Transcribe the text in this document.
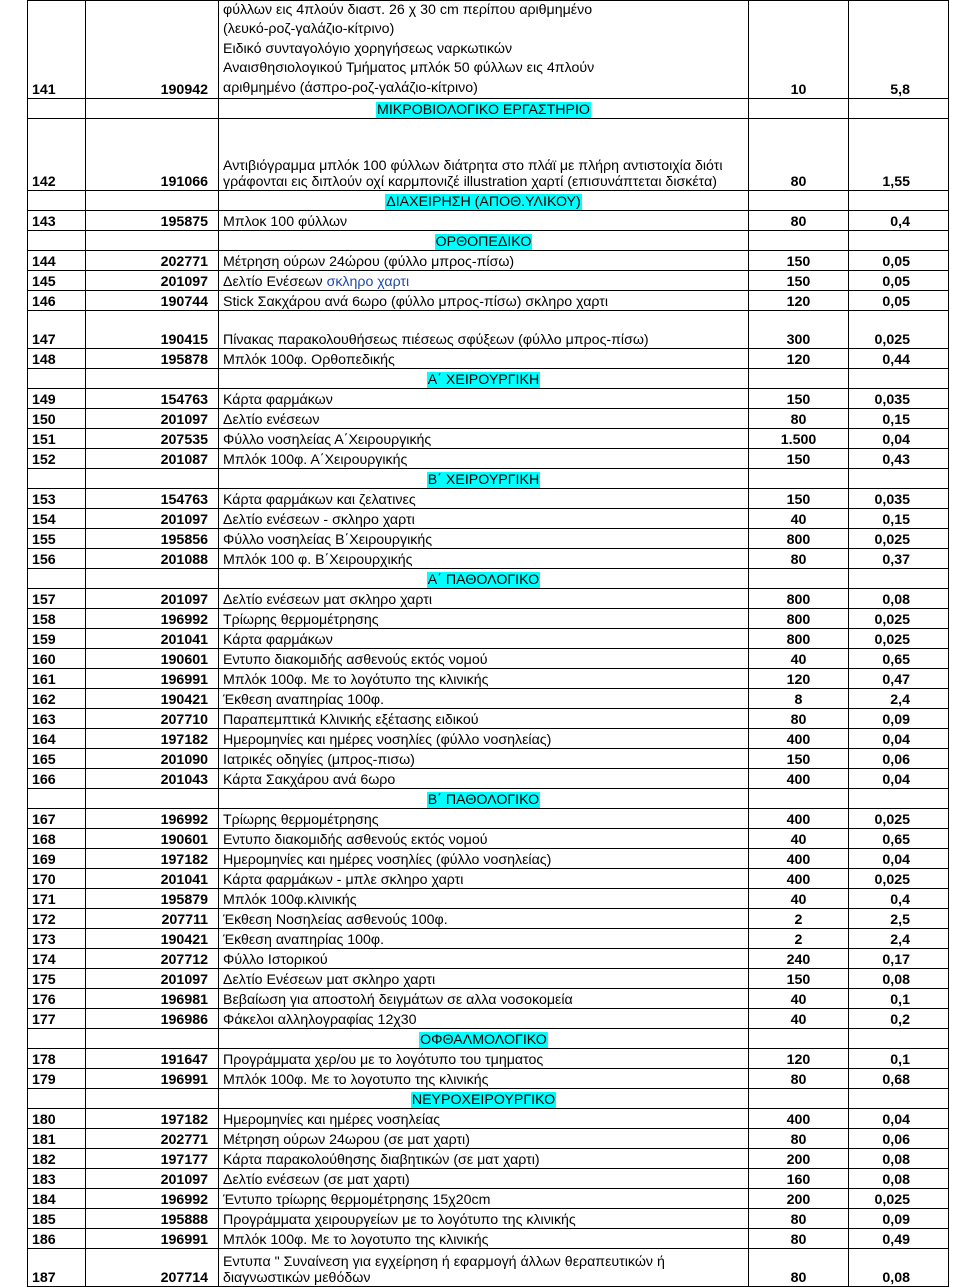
141	190942	φύλλων εις 4πλούν διαστ. 26 χ 30 cm περίπου αριθμημένο
(λευκό-ροζ-γαλάζιο-κίτρινο)
Ειδικό συνταγολόγιο χορηγήσεως ναρκωτικών
Αναισθησιολογικού Τμήματος μπλόκ 50 φύλλων εις 4πλούν
αριθμημένο (άσπρο-ροζ-γαλάζιο-κίτρινο)	10	5,8
		ΜΙΚΡΟΒΙΟΛΟΓΙΚΟ ΕΡΓΑΣΤΗΡΙΟ		
142	191066	Αντιβιόγραμμα μπλόκ 100 φύλλων διάτρητα στο πλάϊ με πλήρη αντιστοιχία διότι γράφονται εις διπλούν οχί καρμπονιζέ illustration χαρτί (επισυνάπτεται δισκέτα)	80	1,55
		ΔΙΑΧΕΙΡΗΣΗ (ΑΠΟΘ.ΥΛΙΚΟΥ)		
143	195875	Μπλοκ 100 φύλλων	80	0,4
		ΟΡΘΟΠΕΔΙΚΟ		
144	202771	Μέτρηση ούρων 24ώρου (φύλλο μπρος-πίσω)	150	0,05
145	201097	Δελτίο Ενέσεων σκληρο χαρτι	150	0,05
146	190744	Stick Σακχάρου ανά 6ωρο (φύλλο μπρος-πίσω) σκληρο χαρτι	120	0,05
147	190415	Πίνακας παρακολουθήσεως πιέσεως σφύξεων (φύλλο μπρος-πίσω)	300	0,025
148	195878	Μπλόκ 100φ. Ορθοπεδικής	120	0,44
		Α΄ ΧΕΙΡΟΥΡΓΙΚΗ		
149	154763	Κάρτα φαρμάκων	150	0,035
150	201097	Δελτίο ενέσεων	80	0,15
151	207535	Φύλλο νοσηλείας Α΄Χειρουργικής	1.500	0,04
152	201087	Μπλόκ 100φ. Α΄Χειρουργικής	150	0,43
		Β΄ ΧΕΙΡΟΥΡΓΙΚΗ		
153	154763	Κάρτα φαρμάκων και ζελατινες	150	0,035
154	201097	Δελτίο ενέσεων - σκληρο χαρτι	40	0,15
155	195856	Φύλλο νοσηλείας Β΄Χειρουργικής	800	0,025
156	201088	Μπλόκ 100 φ. Β΄Χειρουρχικής	80	0,37
		Α΄ ΠΑΘΟΛΟΓΙΚΟ		
157	201097	Δελτίο ενέσεων ματ σκληρο χαρτι	800	0,08
158	196992	Τρίωρης θερμομέτρησης	800	0,025
159	201041	Κάρτα φαρμάκων	800	0,025
160	190601	Εντυπο διακομιδής ασθενούς εκτός νομού	40	0,65
161	196991	Μπλόκ 100φ. Με το λογότυπο της κλινικής	120	0,47
162	190421	Έκθεση αναπηρίας 100φ.	8	2,4
163	207710	Παραπεμπτικά Κλινικής εξέτασης ειδικού	80	0,09
164	197182	Ημερομηνίες και ημέρες νοσηλίες (φύλλο νοσηλείας)	400	0,04
165	201090	Ιατρικές οδηγίες (μπρος-πισω)	150	0,06
166	201043	Κάρτα Σακχάρου ανά 6ωρο	400	0,04
		Β΄ ΠΑΘΟΛΟΓΙΚΟ		
167	196992	Τρίωρης θερμομέτρησης	400	0,025
168	190601	Εντυπο διακομιδής ασθενούς εκτός νομού	40	0,65
169	197182	Ημερομηνίες και ημέρες νοσηλίες (φύλλο νοσηλείας)	400	0,04
170	201041	Κάρτα φαρμάκων - μπλε σκληρο χαρτι	400	0,025
171	195879	Μπλόκ 100φ.κλινικής	40	0,4
172	207711	Έκθεση Νοσηλείας ασθενούς 100φ.	2	2,5
173	190421	Έκθεση αναπηρίας 100φ.	2	2,4
174	207712	Φύλλο Ιστορικού	240	0,17
175	201097	Δελτίο Ενέσεων ματ σκληρο χαρτι	150	0,08
176	196981	Βεβαίωση για αποστολή δειγμάτων σε αλλα νοσοκομεία	40	0,1
177	196986	Φάκελοι αλληλογραφίας 12χ30	40	0,2
		ΟΦΘΑΛΜΟΛΟΓΙΚΟ		
178	191647	Προγράμματα χερ/ου με το λογότυπο του τμηματος	120	0,1
179	196991	Μπλόκ 100φ. Με το λογοτυπο της κλινικής	80	0,68
		ΝΕΥΡΟΧΕΙΡΟΥΡΓΙΚΟ		
180	197182	Ημερομηνίες και ημέρες νοσηλείας	400	0,04
181	202771	Μέτρηση ούρων 24ωρου (σε ματ χαρτι)	80	0,06
182	197177	Κάρτα παρακολούθησης διαβητικών (σε ματ χαρτι)	200	0,08
183	201097	Δελτίο ενέσεων (σε ματ χαρτι)	160	0,08
184	196992	Έντυπο τρίωρης θερμομέτρησης 15χ20cm	200	0,025
185	195888	Προγράμματα χειρουργείων με το λογότυπο της κλινικής	80	0,09
186	196991	Μπλόκ 100φ. Με το λογοτυπο της κλινικής	80	0,49
187	207714	Εντυπα " Συναίνεση για εγχείρηση ή εφαρμογή άλλων θεραπευτικών ή διαγνωστικών μεθόδων	80	0,08
